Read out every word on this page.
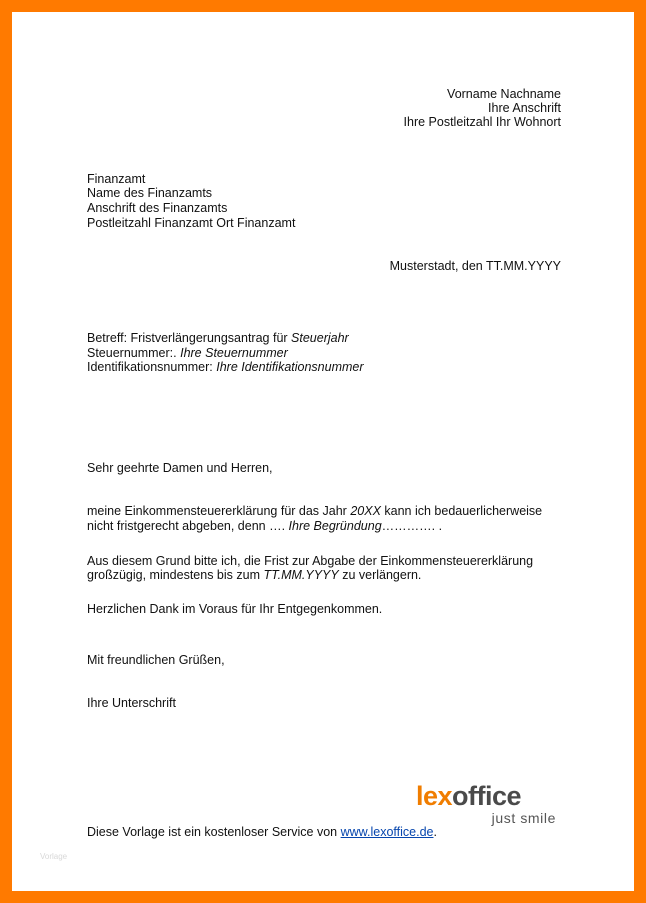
Vorname Nachname
Ihre Anschrift
Ihre Postleitzahl Ihr Wohnort
Finanzamt
Name des Finanzamts
Anschrift des Finanzamts
Postleitzahl Finanzamt Ort Finanzamt
Musterstadt, den TT.MM.YYYY
Betreff: Fristverlängerungsantrag für Steuerjahr
Steuernummer:. Ihre Steuernummer
Identifikationsnummer: Ihre Identifikationsnummer
Sehr geehrte Damen und Herren,
meine Einkommensteuererklärung für das Jahr 20XX kann ich bedauerlicherweise
nicht fristgerecht abgeben, denn …. Ihre Begründung…………. .
Aus diesem Grund bitte ich, die Frist zur Abgabe der Einkommensteuererklärung
großzügig, mindestens bis zum TT.MM.YYYY zu verlängern.
Herzlichen Dank im Voraus für Ihr Entgegenkommen.
Mit freundlichen Grüßen,
Ihre Unterschrift
lexoffice
just smile
Diese Vorlage ist ein kostenloser Service von www.lexoffice.de.
Vorlage
